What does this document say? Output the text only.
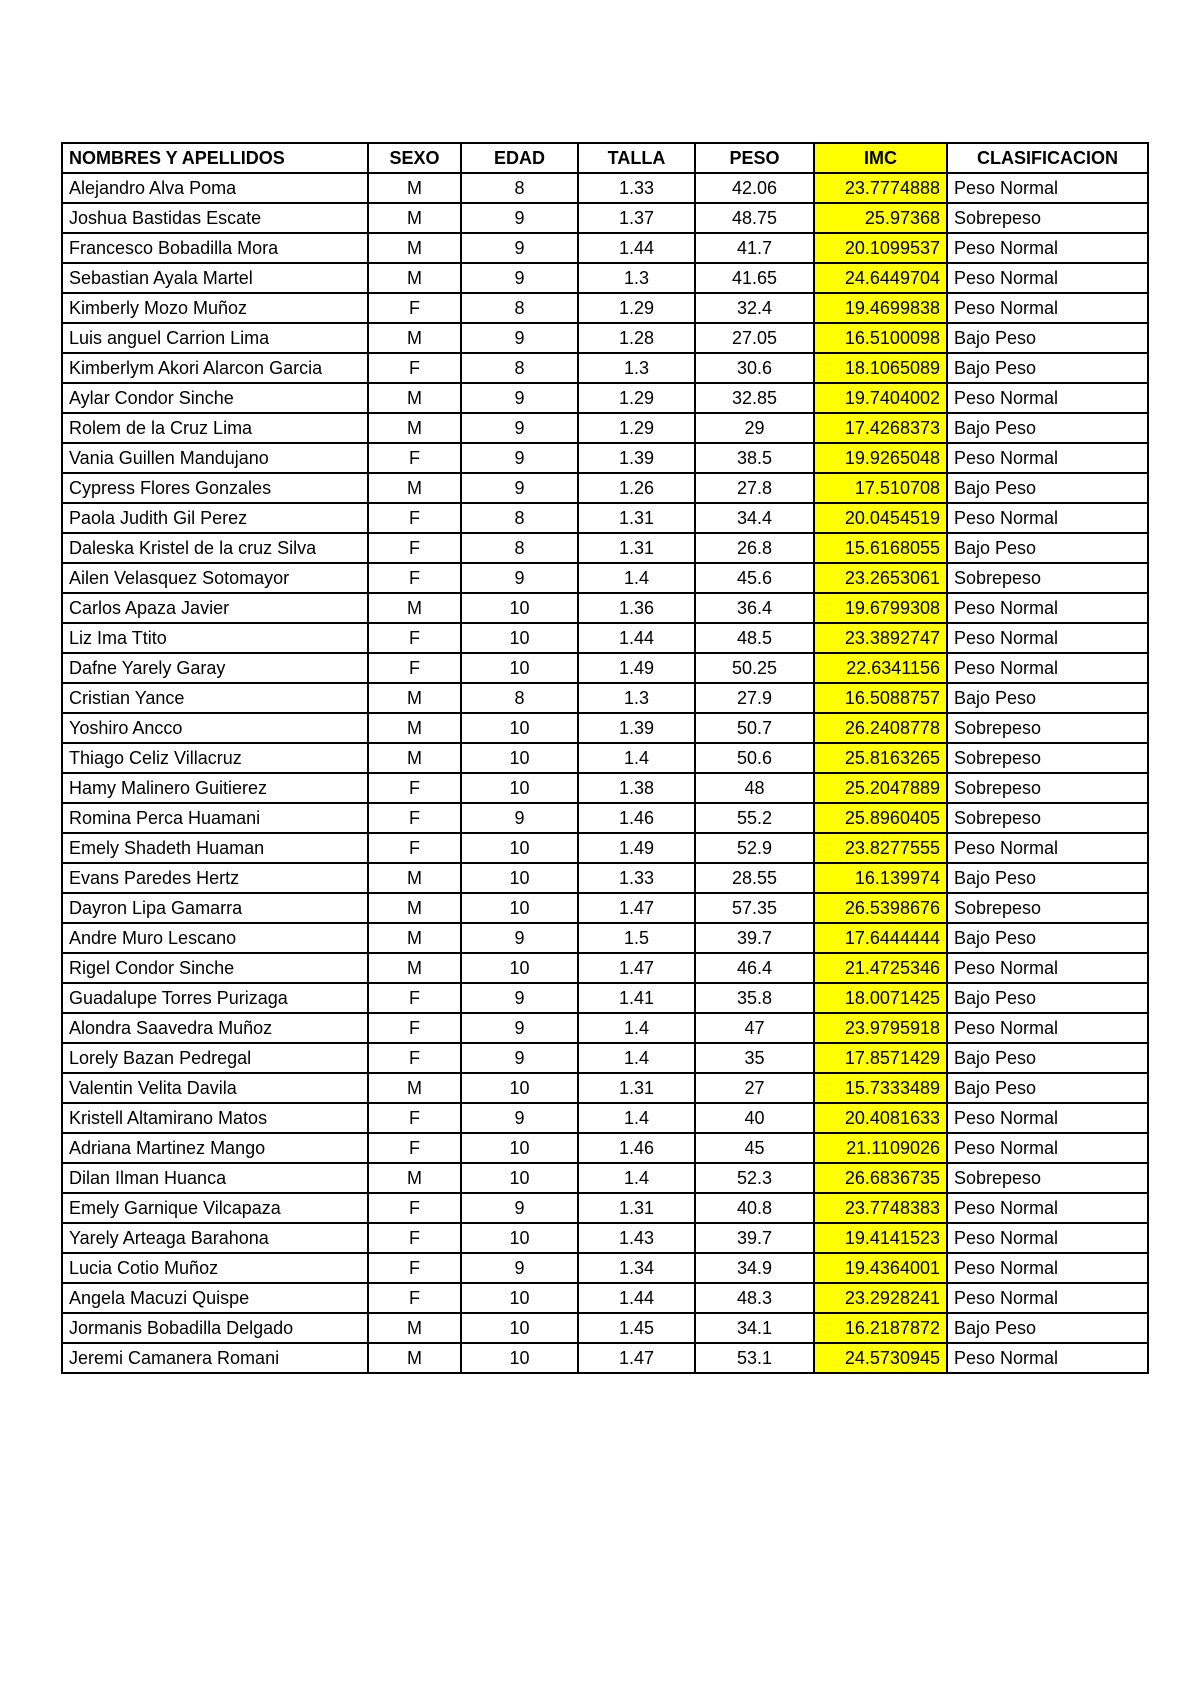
NOMBRES Y APELLIDOS	SEXO	EDAD	TALLA	PESO	IMC	CLASIFICACION
Alejandro Alva Poma	M	8	1.33	42.06	23.7774888	Peso Normal
Joshua Bastidas Escate	M	9	1.37	48.75	25.97368	Sobrepeso
Francesco Bobadilla Mora	M	9	1.44	41.7	20.1099537	Peso Normal
Sebastian Ayala Martel	M	9	1.3	41.65	24.6449704	Peso Normal
Kimberly Mozo Muñoz	F	8	1.29	32.4	19.4699838	Peso Normal
Luis anguel Carrion Lima	M	9	1.28	27.05	16.5100098	Bajo Peso
Kimberlym Akori Alarcon Garcia	F	8	1.3	30.6	18.1065089	Bajo Peso
Aylar Condor Sinche	M	9	1.29	32.85	19.7404002	Peso Normal
Rolem de la Cruz Lima	M	9	1.29	29	17.4268373	Bajo Peso
Vania Guillen Mandujano	F	9	1.39	38.5	19.9265048	Peso Normal
Cypress Flores Gonzales	M	9	1.26	27.8	17.510708	Bajo Peso
Paola Judith Gil Perez	F	8	1.31	34.4	20.0454519	Peso Normal
Daleska Kristel de la cruz Silva	F	8	1.31	26.8	15.6168055	Bajo Peso
Ailen Velasquez Sotomayor	F	9	1.4	45.6	23.2653061	Sobrepeso
Carlos Apaza Javier	M	10	1.36	36.4	19.6799308	Peso Normal
Liz Ima Ttito	F	10	1.44	48.5	23.3892747	Peso Normal
Dafne Yarely Garay	F	10	1.49	50.25	22.6341156	Peso Normal
Cristian Yance	M	8	1.3	27.9	16.5088757	Bajo Peso
Yoshiro Ancco	M	10	1.39	50.7	26.2408778	Sobrepeso
Thiago Celiz Villacruz	M	10	1.4	50.6	25.8163265	Sobrepeso
Hamy Malinero Guitierez	F	10	1.38	48	25.2047889	Sobrepeso
Romina Perca Huamani	F	9	1.46	55.2	25.8960405	Sobrepeso
Emely Shadeth Huaman	F	10	1.49	52.9	23.8277555	Peso Normal
Evans Paredes Hertz	M	10	1.33	28.55	16.139974	Bajo Peso
Dayron Lipa Gamarra	M	10	1.47	57.35	26.5398676	Sobrepeso
Andre Muro Lescano	M	9	1.5	39.7	17.6444444	Bajo Peso
Rigel Condor Sinche	M	10	1.47	46.4	21.4725346	Peso Normal
Guadalupe Torres Purizaga	F	9	1.41	35.8	18.0071425	Bajo Peso
Alondra Saavedra Muñoz	F	9	1.4	47	23.9795918	Peso Normal
Lorely Bazan Pedregal	F	9	1.4	35	17.8571429	Bajo Peso
Valentin Velita Davila	M	10	1.31	27	15.7333489	Bajo Peso
Kristell Altamirano Matos	F	9	1.4	40	20.4081633	Peso Normal
Adriana Martinez Mango	F	10	1.46	45	21.1109026	Peso Normal
Dilan Ilman Huanca	M	10	1.4	52.3	26.6836735	Sobrepeso
Emely Garnique Vilcapaza	F	9	1.31	40.8	23.7748383	Peso Normal
Yarely Arteaga Barahona	F	10	1.43	39.7	19.4141523	Peso Normal
Lucia Cotio Muñoz	F	9	1.34	34.9	19.4364001	Peso Normal
Angela Macuzi Quispe	F	10	1.44	48.3	23.2928241	Peso Normal
Jormanis Bobadilla Delgado	M	10	1.45	34.1	16.2187872	Bajo Peso
Jeremi Camanera Romani	M	10	1.47	53.1	24.5730945	Peso Normal
